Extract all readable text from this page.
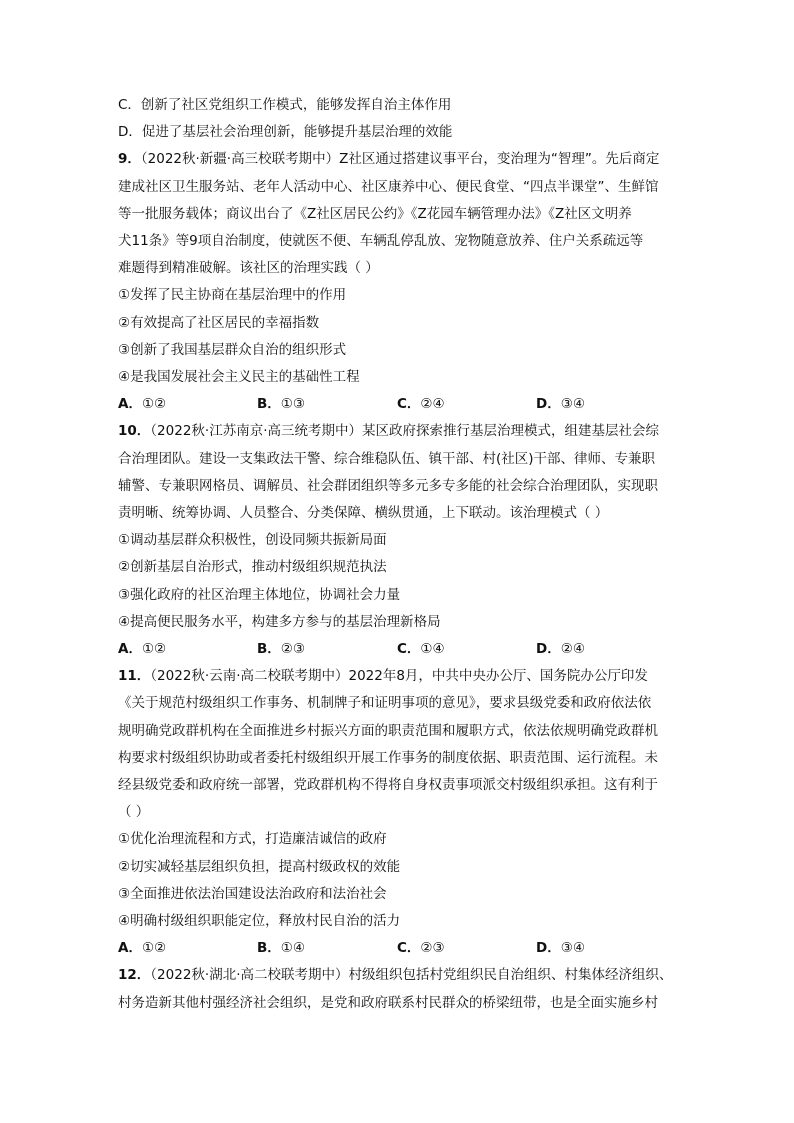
C．创新了社区党组织工作模式，能够发挥自治主体作用
D．促进了基层社会治理创新，能够提升基层治理的效能
9．（2022秋·新疆·高三校联考期中）Z社区通过搭建议事平台，变治理为“智理”。先后商定
建成社区卫生服务站、老年人活动中心、社区康养中心、便民食堂、“四点半课堂”、生鲜馆
等一批服务载体；商议出台了《Z社区居民公约》《Z花园车辆管理办法》《Z社区文明养
犬11条》等9项自治制度，使就医不便、车辆乱停乱放、宠物随意放养、住户关系疏远等
难题得到精准破解。该社区的治理实践（ ）
①发挥了民主协商在基层治理中的作用
②有效提高了社区居民的幸福指数
③创新了我国基层群众自治的组织形式
④是我国发展社会主义民主的基础性工程
A．①②	B．①③	C．②④	D．③④
10．（2022秋·江苏南京·高三统考期中）某区政府探索推行基层治理模式，组建基层社会综
合治理团队。建设一支集政法干警、综合维稳队伍、镇干部、村(社区)干部、律师、专兼职
辅警、专兼职网格员、调解员、社会群团组织等多元多专多能的社会综合治理团队，实现职
责明晰、统筹协调、人员整合、分类保障、横纵贯通，上下联动。该治理模式（ ）
①调动基层群众积极性，创设同频共振新局面
②创新基层自治形式，推动村级组织规范执法
③强化政府的社区治理主体地位，协调社会力量
④提高便民服务水平，构建多方参与的基层治理新格局
A．①②	B．②③	C．①④	D．②④
11．（2022秋·云南·高二校联考期中）2022年8月，中共中央办公厅、国务院办公厅印发
《关于规范村级组织工作事务、机制牌子和证明事项的意见》，要求县级党委和政府依法依
规明确党政群机构在全面推进乡村振兴方面的职责范围和履职方式，依法依规明确党政群机
构要求村级组织协助或者委托村级组织开展工作事务的制度依据、职责范围、运行流程。未
经县级党委和政府统一部署，党政群机构不得将自身权责事项派交村级组织承担。这有利于
（ ）
①优化治理流程和方式，打造廉洁诚信的政府
②切实减轻基层组织负担，提高村级政权的效能
③全面推进依法治国建设法治政府和法治社会
④明确村级组织职能定位，释放村民自治的活力
A．①②	B．①④	C．②③	D．③④
12．（2022秋·湖北·高二校联考期中）村级组织包括村党组织民自治组织、村集体经济组织、
村务造新其他村强经济社会组织，是党和政府联系村民群众的桥梁纽带，也是全面实施乡村
